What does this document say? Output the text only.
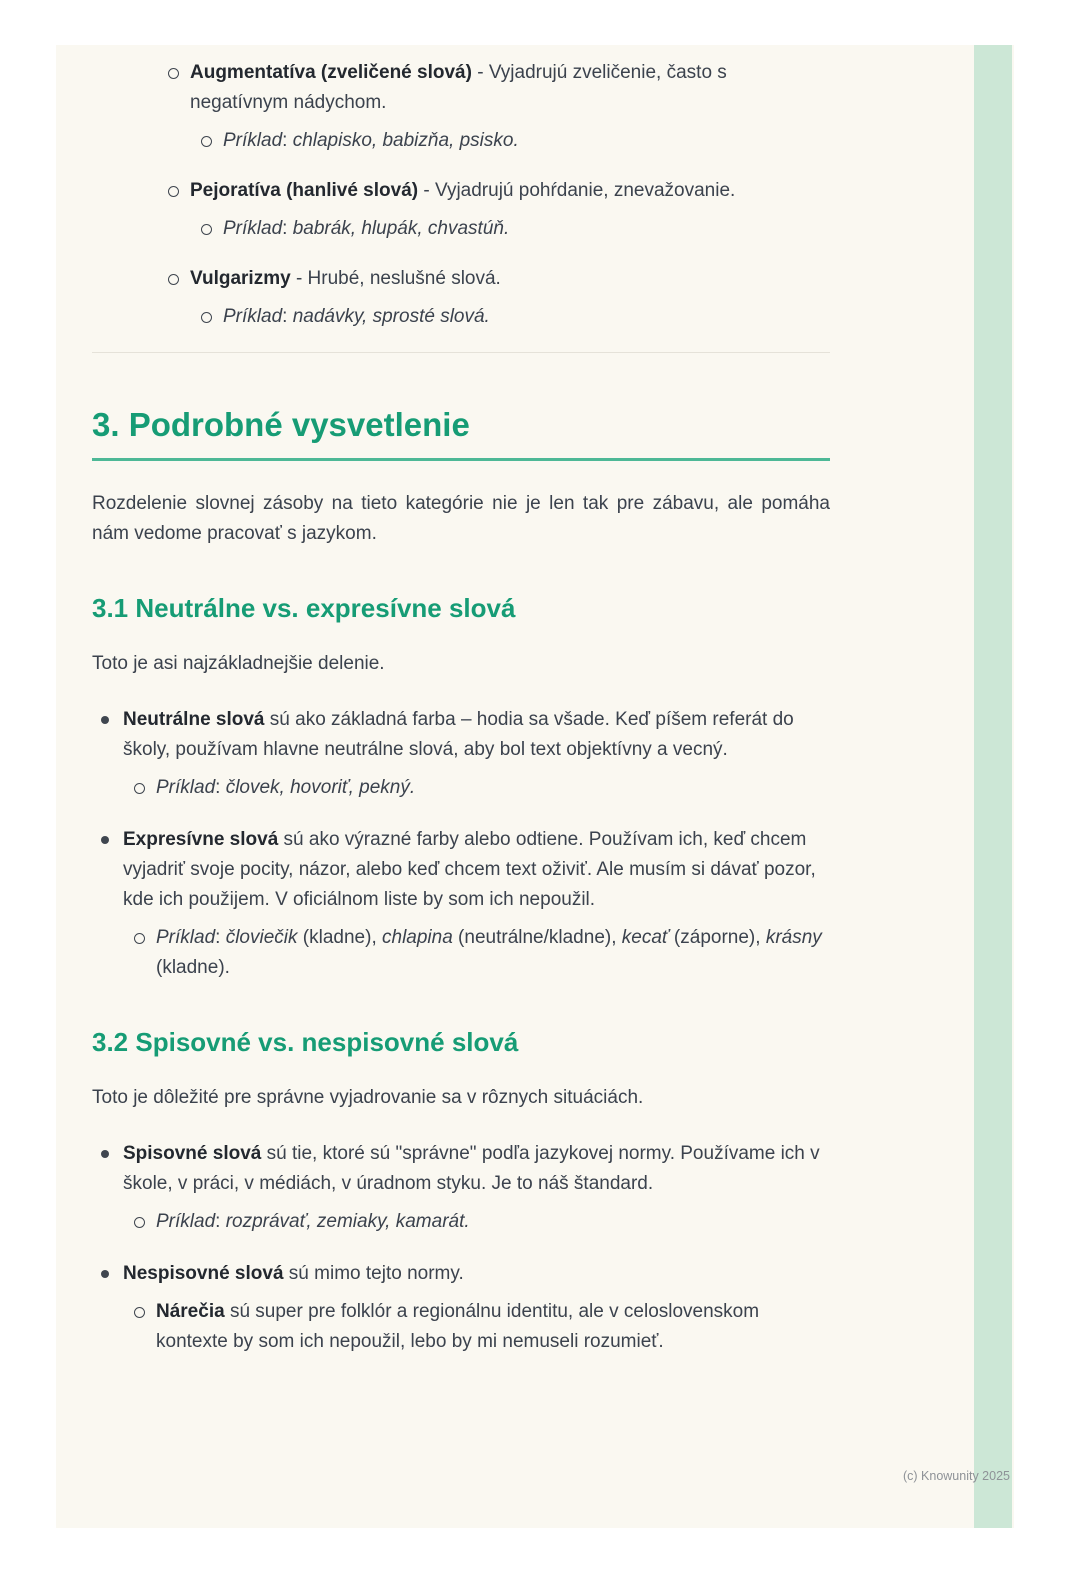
Augmentatíva (zveličené slová) - Vyjadrujú zveličenie, často s negatívnym nádychom.
Príklad: chlapisko, babizňa, psisko.
Pejoratíva (hanlivé slová) - Vyjadrujú pohŕdanie, znevažovanie.
Príklad: babrák, hlupák, chvastúň.
Vulgarizmy - Hrubé, neslušné slová.
Príklad: nadávky, sprosté slová.
3. Podrobné vysvetlenie

Rozdelenie slovnej zásoby na tieto kategórie nie je len tak pre zábavu, ale pomáha nám vedome pracovať s jazykom.

3.1 Neutrálne vs. expresívne slová

Toto je asi najzákladnejšie delenie.

Neutrálne slová sú ako základná farba – hodia sa všade. Keď píšem referát do školy, používam hlavne neutrálne slová, aby bol text objektívny a vecný.
Príklad: človek, hovoriť, pekný.
Expresívne slová sú ako výrazné farby alebo odtiene. Používam ich, keď chcem vyjadriť svoje pocity, názor, alebo keď chcem text oživiť. Ale musím si dávať pozor, kde ich použijem. V oficiálnom liste by som ich nepoužil.
Príklad: človiečik (kladne), chlapina (neutrálne/kladne), kecať (záporne), krásny (kladne).
3.2 Spisovné vs. nespisovné slová

Toto je dôležité pre správne vyjadrovanie sa v rôznych situáciách.

Spisovné slová sú tie, ktoré sú "správne" podľa jazykovej normy. Používame ich v škole, v práci, v médiách, v úradnom styku. Je to náš štandard.
Príklad: rozprávať, zemiaky, kamarát.
Nespisovné slová sú mimo tejto normy.
Nárečia sú super pre folklór a regionálnu identitu, ale v celoslovenskom kontexte by som ich nepoužil, lebo by mi nemuseli rozumieť.
(c) Knowunity 2025
